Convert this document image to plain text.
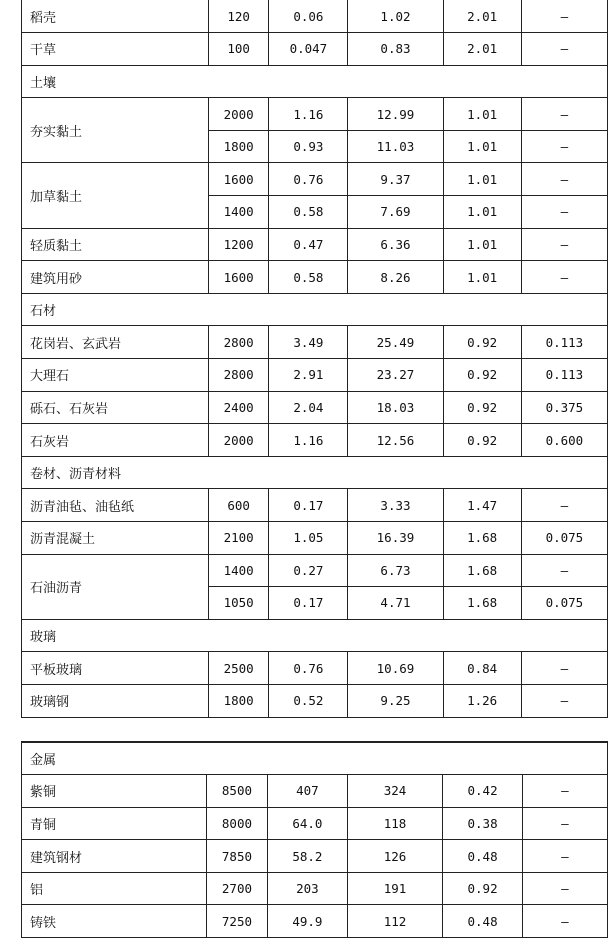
稻壳	120	0.06	1.02	2.01	—
干草	100	0.047	0.83	2.01	—
土壤					
夯实黏土	2000	1.16	12.99	1.01	—
	1800	0.93	11.03	1.01	—
加草黏土	1600	0.76	9.37	1.01	—
	1400	0.58	7.69	1.01	—
轻质黏土	1200	0.47	6.36	1.01	—
建筑用砂	1600	0.58	8.26	1.01	—
石材					
花岗岩、玄武岩	2800	3.49	25.49	0.92	0.113
大理石	2800	2.91	23.27	0.92	0.113
砾石、石灰岩	2400	2.04	18.03	0.92	0.375
石灰岩	2000	1.16	12.56	0.92	0.600
卷材、沥青材料					
沥青油毡、油毡纸	600	0.17	3.33	1.47	—
沥青混凝土	2100	1.05	16.39	1.68	0.075
石油沥青	1400	0.27	6.73	1.68	—
	1050	0.17	4.71	1.68	0.075
玻璃					
平板玻璃	2500	0.76	10.69	0.84	—
玻璃钢	1800	0.52	9.25	1.26	—
金属					
紫铜	8500	407	324	0.42	—
青铜	8000	64.0	118	0.38	—
建筑钢材	7850	58.2	126	0.48	—
铝	2700	203	191	0.92	—
铸铁	7250	49.9	112	0.48	—
